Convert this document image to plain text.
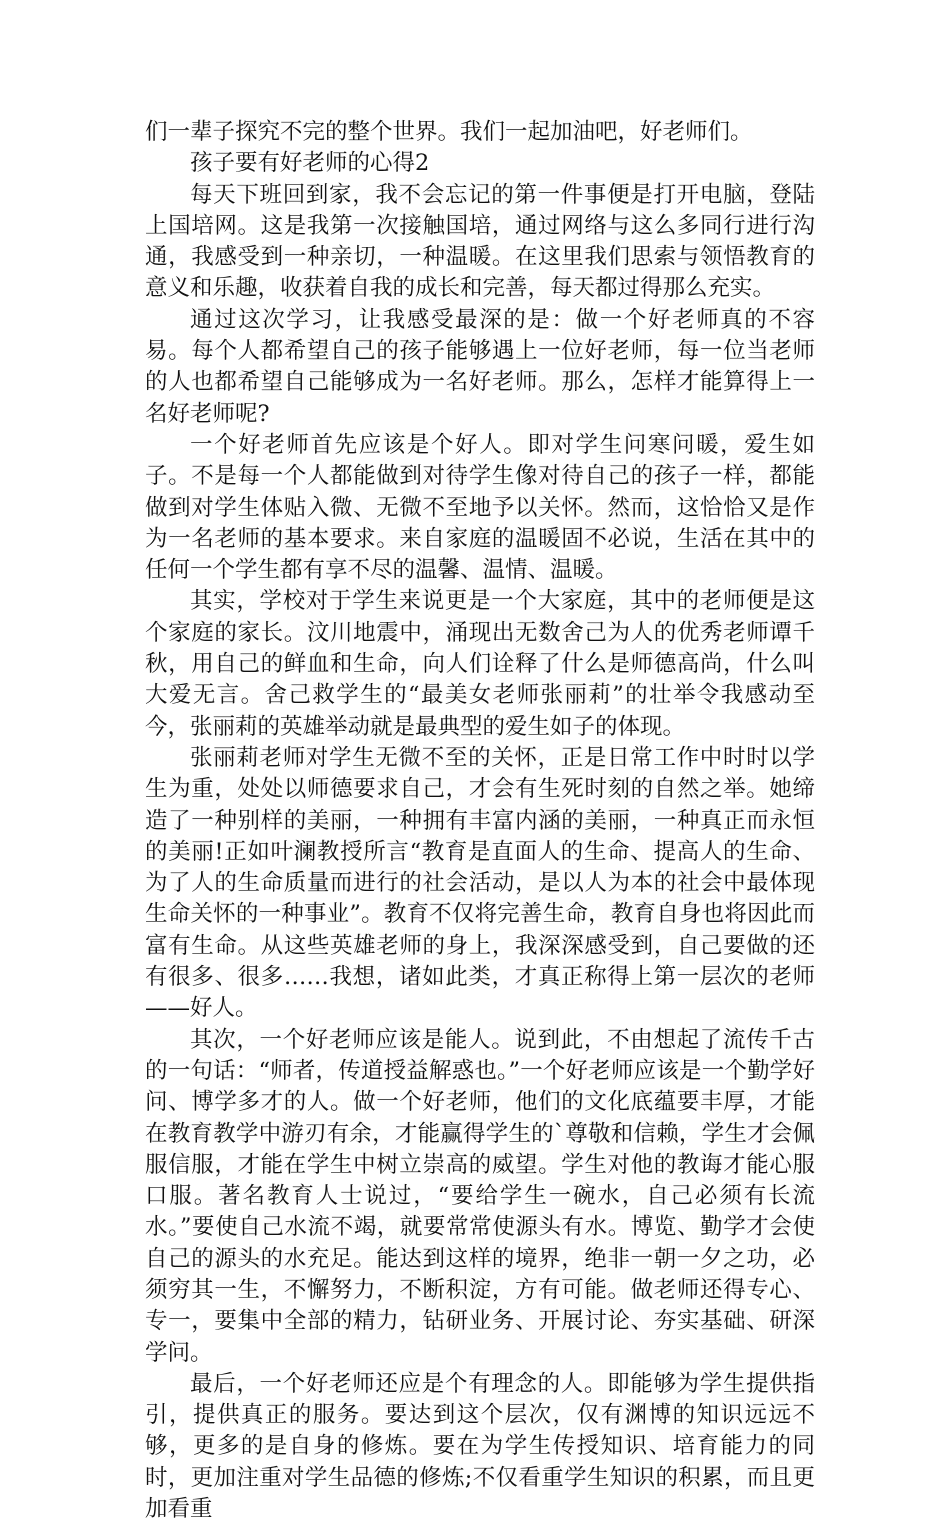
们一辈子探究不完的整个世界。我们一起加油吧，好老师们。

孩子要有好老师的心得2

每天下班回到家，我不会忘记的第一件事便是打开电脑，登陆上国培网。这是我第一次接触国培，通过网络与这么多同行进行沟通，我感受到一种亲切，一种温暖。在这里我们思索与领悟教育的意义和乐趣，收获着自我的成长和完善，每天都过得那么充实。

通过这次学习，让我感受最深的是：做一个好老师真的不容易。每个人都希望自己的孩子能够遇上一位好老师，每一位当老师的人也都希望自己能够成为一名好老师。那么，怎样才能算得上一名好老师呢?

一个好老师首先应该是个好人。即对学生问寒问暖，爱生如子。不是每一个人都能做到对待学生像对待自己的孩子一样，都能做到对学生体贴入微、无微不至地予以关怀。然而，这恰恰又是作为一名老师的基本要求。来自家庭的温暖固不必说，生活在其中的任何一个学生都有享不尽的温馨、温情、温暖。

其实，学校对于学生来说更是一个大家庭，其中的老师便是这个家庭的家长。汶川地震中，涌现出无数舍己为人的优秀老师谭千秋，用自己的鲜血和生命，向人们诠释了什么是师德高尚，什么叫大爱无言。舍己救学生的“最美女老师张丽莉”的壮举令我感动至今，张丽莉的英雄举动就是最典型的爱生如子的体现。

张丽莉老师对学生无微不至的关怀，正是日常工作中时时以学生为重，处处以师德要求自己，才会有生死时刻的自然之举。她缔造了一种别样的美丽，一种拥有丰富内涵的美丽，一种真正而永恒的美丽!正如叶澜教授所言“教育是直面人的生命、提高人的生命、为了人的生命质量而进行的社会活动，是以人为本的社会中最体现生命关怀的一种事业”。教育不仅将完善生命，教育自身也将因此而富有生命。从这些英雄老师的身上，我深深感受到，自己要做的还有很多、很多……我想，诸如此类，才真正称得上第一层次的老师——好人。

其次，一个好老师应该是能人。说到此，不由想起了流传千古的一句话：“师者，传道授益解惑也。”一个好老师应该是一个勤学好问、博学多才的人。做一个好老师，他们的文化底蕴要丰厚，才能在教育教学中游刃有余，才能赢得学生的`尊敬和信赖，学生才会佩服信服，才能在学生中树立崇高的威望。学生对他的教诲才能心服口服。著名教育人士说过，“要给学生一碗水，自己必须有长流水。”要使自己水流不竭，就要常常使源头有水。博览、勤学才会使自己的源头的水充足。能达到这样的境界，绝非一朝一夕之功，必须穷其一生，不懈努力，不断积淀，方有可能。做老师还得专心、专一，要集中全部的精力，钻研业务、开展讨论、夯实基础、研深学问。

最后，一个好老师还应是个有理念的人。即能够为学生提供指引，提供真正的服务。要达到这个层次，仅有渊博的知识远远不够，更多的是自身的修炼。要在为学生传授知识、培育能力的同时，更加注重对学生品德的修炼;不仅看重学生知识的积累，而且更加看重
